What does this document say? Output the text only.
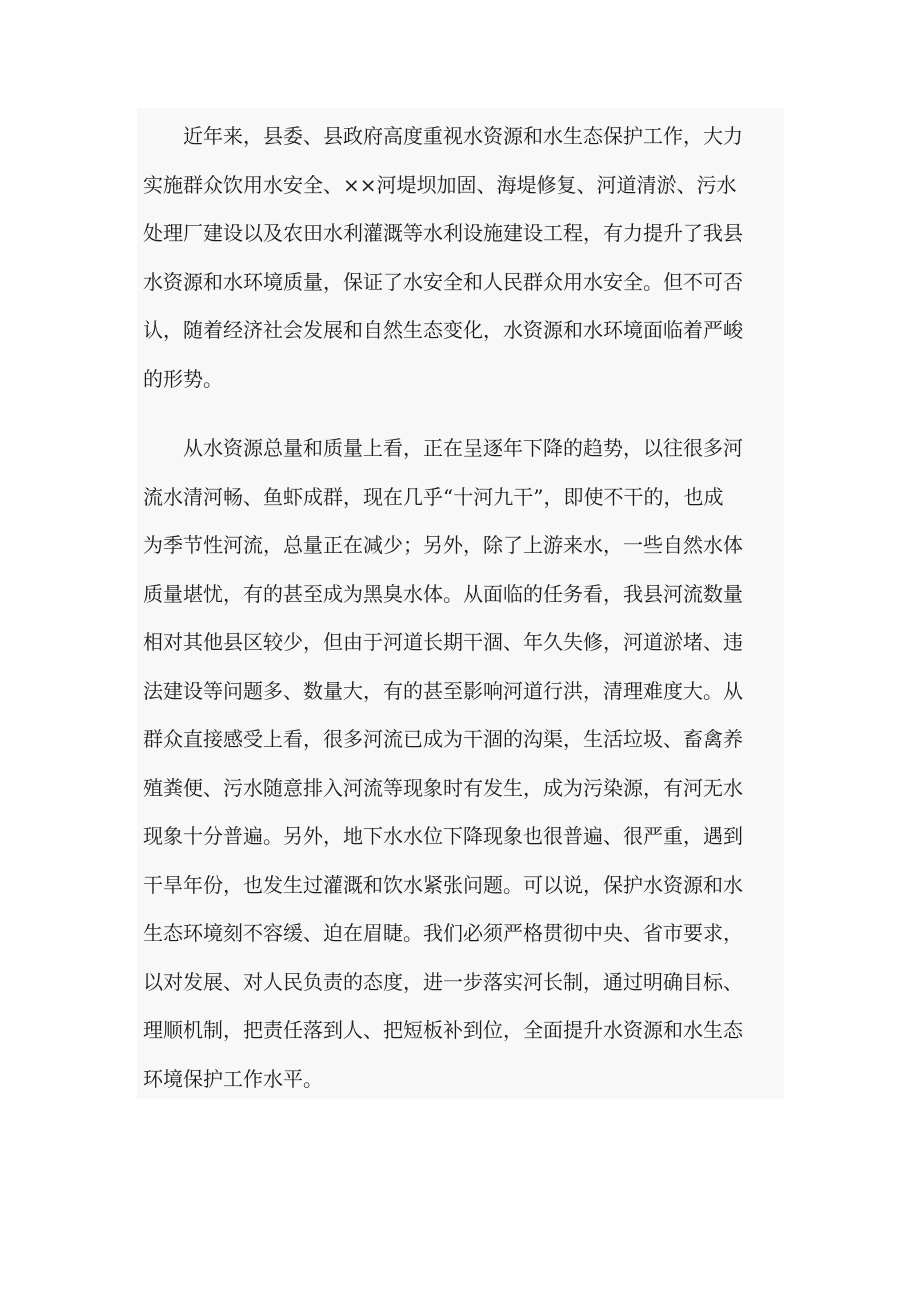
近年来，县委、县政府高度重视水资源和水生态保护工作，大力
实施群众饮用水安全、××河堤坝加固、海堤修复、河道清淤、污水
处理厂建设以及农田水利灌溉等水利设施建设工程，有力提升了我县
水资源和水环境质量，保证了水安全和人民群众用水安全。但不可否
认，随着经济社会发展和自然生态变化，水资源和水环境面临着严峻
的形势。
从水资源总量和质量上看，正在呈逐年下降的趋势，以往很多河
流水清河畅、鱼虾成群，现在几乎“十河九干”，即使不干的，也成
为季节性河流，总量正在减少；另外，除了上游来水，一些自然水体
质量堪忧，有的甚至成为黑臭水体。从面临的任务看，我县河流数量
相对其他县区较少，但由于河道长期干涸、年久失修，河道淤堵、违
法建设等问题多、数量大，有的甚至影响河道行洪，清理难度大。从
群众直接感受上看，很多河流已成为干涸的沟渠，生活垃圾、畜禽养
殖粪便、污水随意排入河流等现象时有发生，成为污染源，有河无水
现象十分普遍。另外，地下水水位下降现象也很普遍、很严重，遇到
干旱年份，也发生过灌溉和饮水紧张问题。可以说，保护水资源和水
生态环境刻不容缓、迫在眉睫。我们必须严格贯彻中央、省市要求，
以对发展、对人民负责的态度，进一步落实河长制，通过明确目标、
理顺机制，把责任落到人、把短板补到位，全面提升水资源和水生态
环境保护工作水平。
